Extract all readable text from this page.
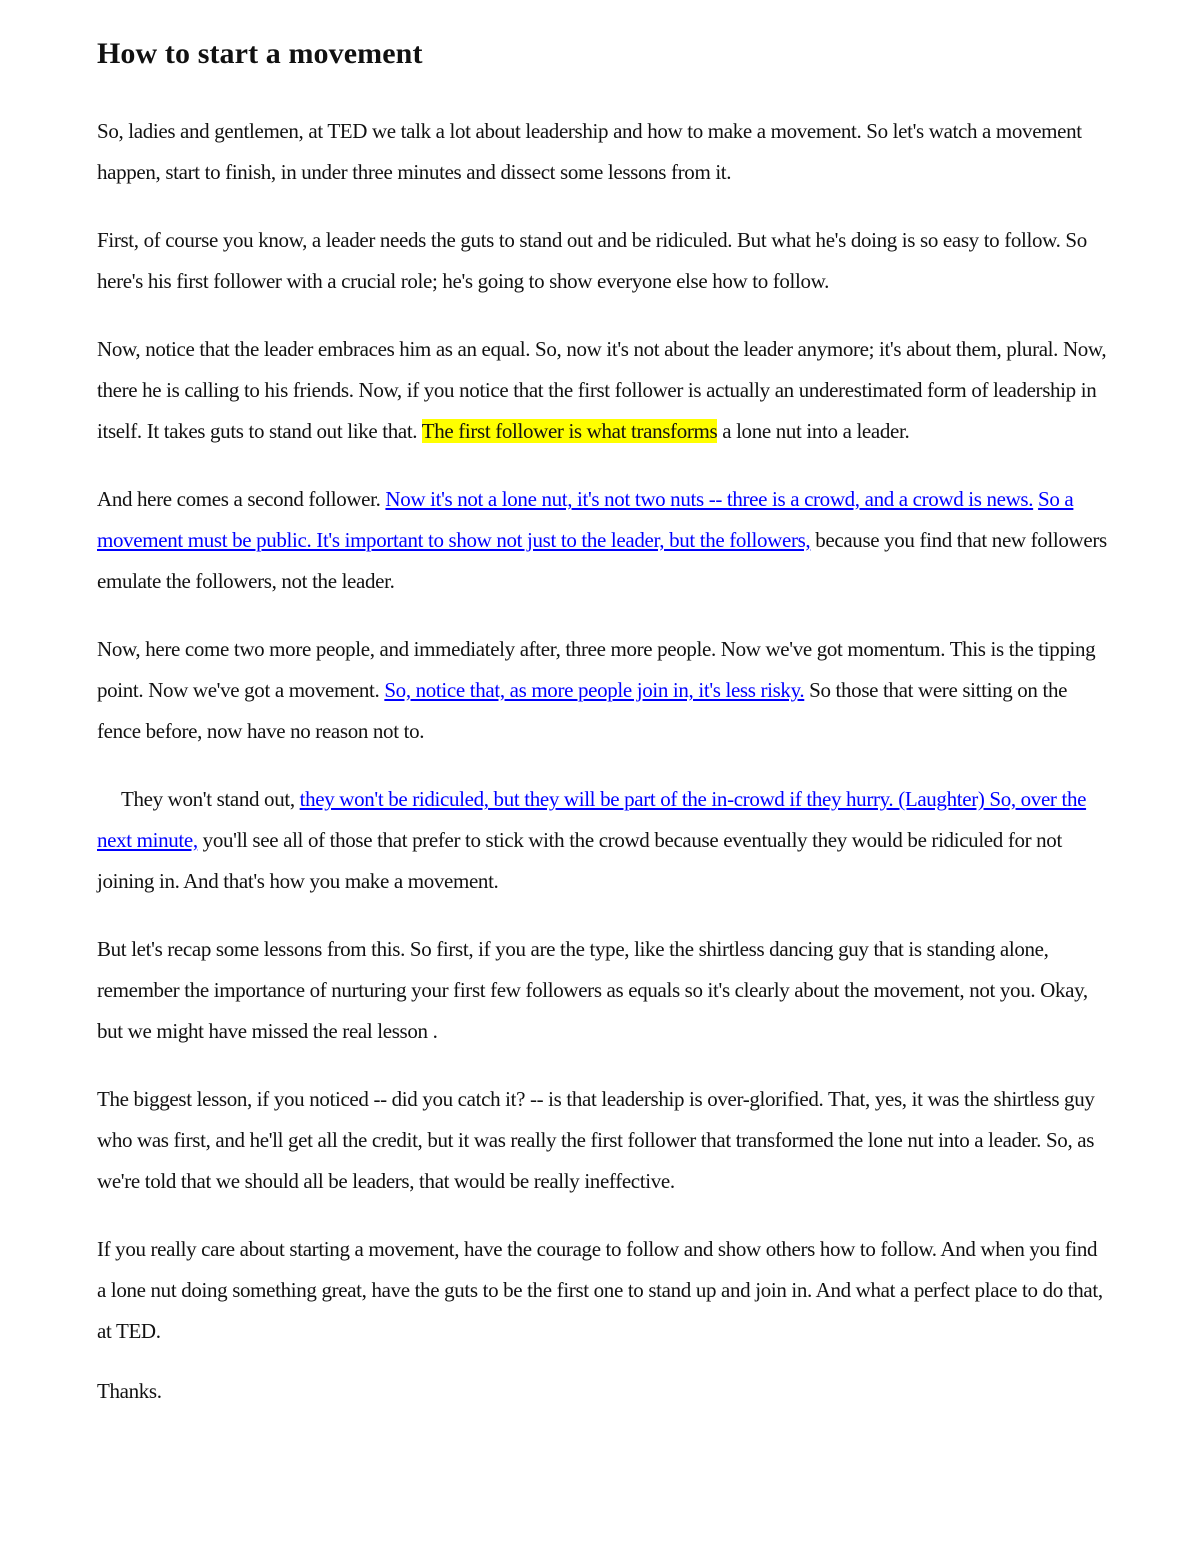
How to start a movement

So, ladies and gentlemen, at TED we talk a lot about leadership and how to make a movement. So let's watch a movement happen, start to finish, in under three minutes and dissect some lessons from it.

First, of course you know, a leader needs the guts to stand out and be ridiculed. But what he's doing is so easy to follow. So here's his first follower with a crucial role; he's going to show everyone else how to follow.

Now, notice that the leader embraces him as an equal. So, now it's not about the leader anymore; it's about them, plural. Now, there he is calling to his friends. Now, if you notice that the first follower is actually an underestimated form of leadership in itself. It takes guts to stand out like that. The first follower is what transforms a lone nut into a leader.

And here comes a second follower. Now it's not a lone nut, it's not two nuts -- three is a crowd, and a crowd is news. So a movement must be public. It's important to show not just to the leader, but the followers, because you find that new followers emulate the followers, not the leader.

Now, here come two more people, and immediately after, three more people. Now we've got momentum. This is the tipping point. Now we've got a movement. So, notice that, as more people join in, it's less risky. So those that were sitting on the fence before, now have no reason not to.

They won't stand out, they won't be ridiculed, but they will be part of the in-crowd if they hurry. (Laughter) So, over the next minute, you'll see all of those that prefer to stick with the crowd because eventually they would be ridiculed for not joining in. And that's how you make a movement.

But let's recap some lessons from this. So first, if you are the type, like the shirtless dancing guy that is standing alone, remember the importance of nurturing your first few followers as equals so it's clearly about the movement, not you. Okay, but we might have missed the real lesson .

The biggest lesson, if you noticed -- did you catch it? -- is that leadership is over-glorified. That, yes, it was the shirtless guy who was first, and he'll get all the credit, but it was really the first follower that transformed the lone nut into a leader. So, as we're told that we should all be leaders, that would be really ineffective.

If you really care about starting a movement, have the courage to follow and show others how to follow. And when you find a lone nut doing something great, have the guts to be the first one to stand up and join in. And what a perfect place to do that, at TED.

Thanks.
